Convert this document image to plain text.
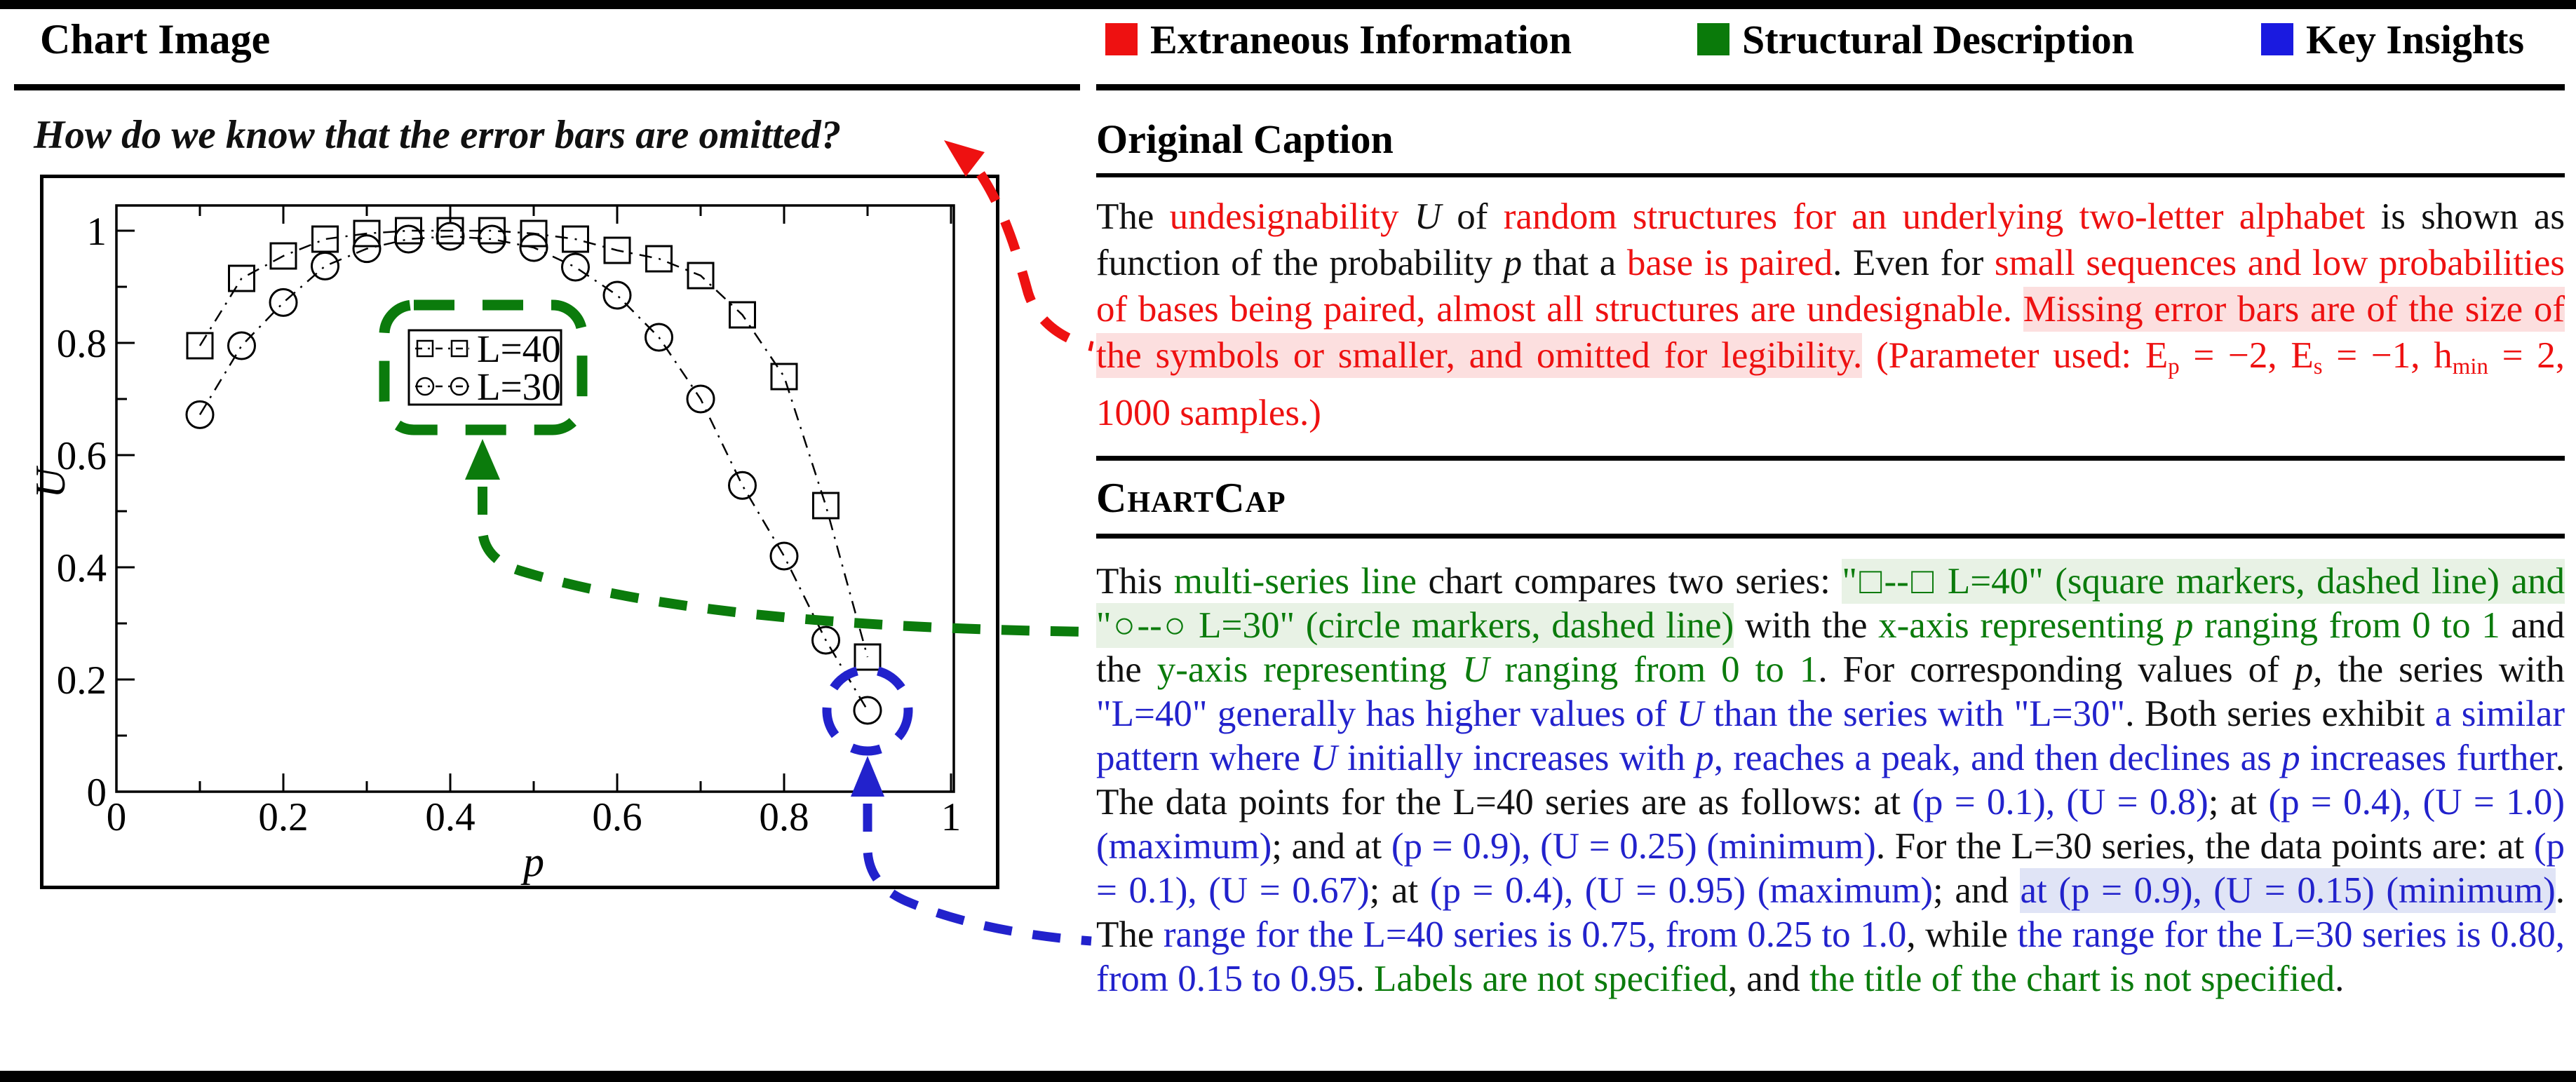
Chart Image
How do we know that the error bars are omitted?
Extraneous Information	Structural Description	Key Insights
0	0.2	0.4	0.6	0.8	1
0
0.2
0.4
0.6
0.8
1
p
U
L=40
L=30
Original Caption
The undesignability U of random structures for an underlying two-letter alphabet is shown as function of the probability p that a base is paired. Even for small sequences and low probabilities of bases being paired, almost all structures are undesignable. Missing error bars are of the size of the symbols or smaller, and omitted for legibility. (Parameter used: Ep = −2, Es = −1, hmin = 2, 1000 samples.)
ChartCap
This multi-series line chart compares two series: "□--□ L=40" (square markers, dashed line) and "○--○ L=30" (circle markers, dashed line) with the x-axis representing p ranging from 0 to 1 and the y-axis representing U ranging from 0 to 1. For corresponding values of p, the series with "L=40" generally has higher values of U than the series with "L=30". Both series exhibit a similar pattern where U initially increases with p, reaches a peak, and then declines as p increases further. The data points for the L=40 series are as follows: at (p = 0.1), (U = 0.8); at (p = 0.4), (U = 1.0) (maximum); and at (p = 0.9), (U = 0.25) (minimum). For the L=30 series, the data points are: at (p = 0.1), (U = 0.67); at (p = 0.4), (U = 0.95) (maximum); and at (p = 0.9), (U = 0.15) (minimum). The range for the L=40 series is 0.75, from 0.25 to 1.0, while the range for the L=30 series is 0.80, from 0.15 to 0.95. Labels are not specified, and the title of the chart is not specified.
